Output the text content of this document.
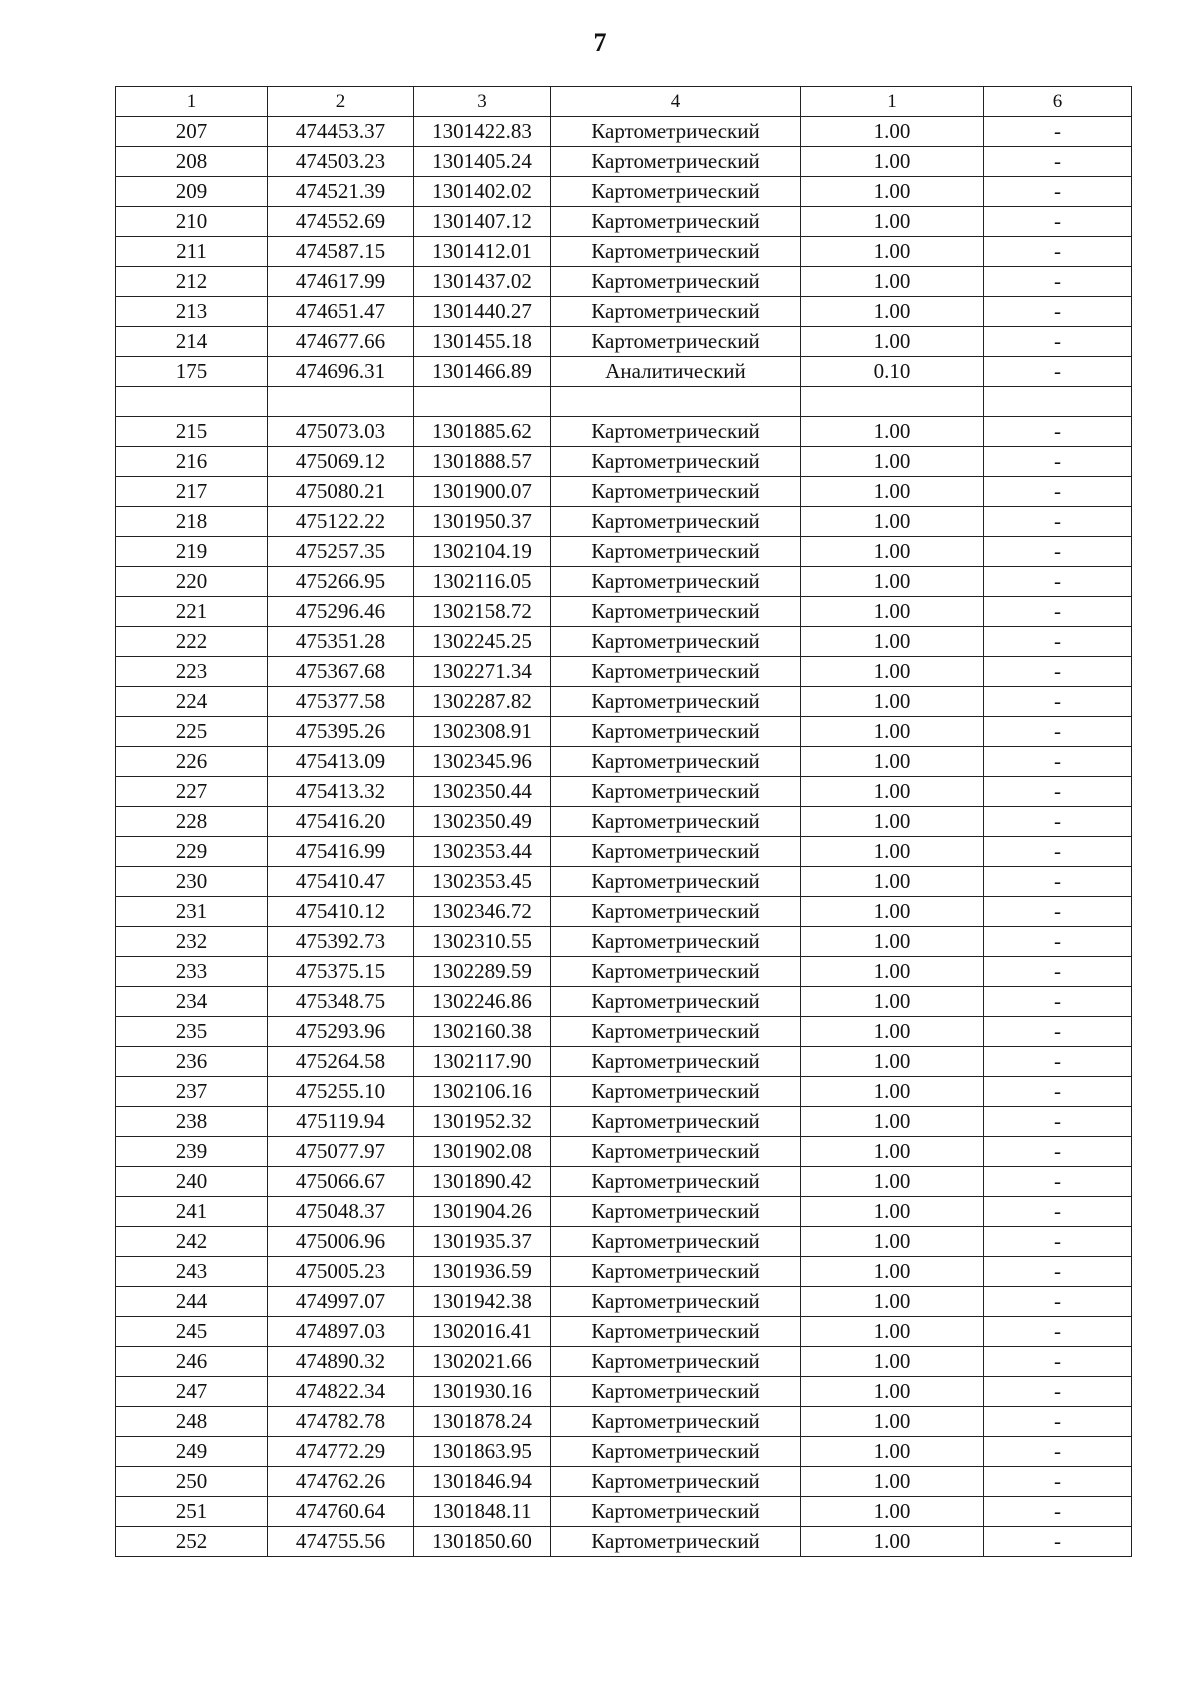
7
1	2	3	4	1	6
207	474453.37	1301422.83	Картометрический	1.00	-
208	474503.23	1301405.24	Картометрический	1.00	-
209	474521.39	1301402.02	Картометрический	1.00	-
210	474552.69	1301407.12	Картометрический	1.00	-
211	474587.15	1301412.01	Картометрический	1.00	-
212	474617.99	1301437.02	Картометрический	1.00	-
213	474651.47	1301440.27	Картометрический	1.00	-
214	474677.66	1301455.18	Картометрический	1.00	-
175	474696.31	1301466.89	Аналитический	0.10	-

215	475073.03	1301885.62	Картометрический	1.00	-
216	475069.12	1301888.57	Картометрический	1.00	-
217	475080.21	1301900.07	Картометрический	1.00	-
218	475122.22	1301950.37	Картометрический	1.00	-
219	475257.35	1302104.19	Картометрический	1.00	-
220	475266.95	1302116.05	Картометрический	1.00	-
221	475296.46	1302158.72	Картометрический	1.00	-
222	475351.28	1302245.25	Картометрический	1.00	-
223	475367.68	1302271.34	Картометрический	1.00	-
224	475377.58	1302287.82	Картометрический	1.00	-
225	475395.26	1302308.91	Картометрический	1.00	-
226	475413.09	1302345.96	Картометрический	1.00	-
227	475413.32	1302350.44	Картометрический	1.00	-
228	475416.20	1302350.49	Картометрический	1.00	-
229	475416.99	1302353.44	Картометрический	1.00	-
230	475410.47	1302353.45	Картометрический	1.00	-
231	475410.12	1302346.72	Картометрический	1.00	-
232	475392.73	1302310.55	Картометрический	1.00	-
233	475375.15	1302289.59	Картометрический	1.00	-
234	475348.75	1302246.86	Картометрический	1.00	-
235	475293.96	1302160.38	Картометрический	1.00	-
236	475264.58	1302117.90	Картометрический	1.00	-
237	475255.10	1302106.16	Картометрический	1.00	-
238	475119.94	1301952.32	Картометрический	1.00	-
239	475077.97	1301902.08	Картометрический	1.00	-
240	475066.67	1301890.42	Картометрический	1.00	-
241	475048.37	1301904.26	Картометрический	1.00	-
242	475006.96	1301935.37	Картометрический	1.00	-
243	475005.23	1301936.59	Картометрический	1.00	-
244	474997.07	1301942.38	Картометрический	1.00	-
245	474897.03	1302016.41	Картометрический	1.00	-
246	474890.32	1302021.66	Картометрический	1.00	-
247	474822.34	1301930.16	Картометрический	1.00	-
248	474782.78	1301878.24	Картометрический	1.00	-
249	474772.29	1301863.95	Картометрический	1.00	-
250	474762.26	1301846.94	Картометрический	1.00	-
251	474760.64	1301848.11	Картометрический	1.00	-
252	474755.56	1301850.60	Картометрический	1.00	-
